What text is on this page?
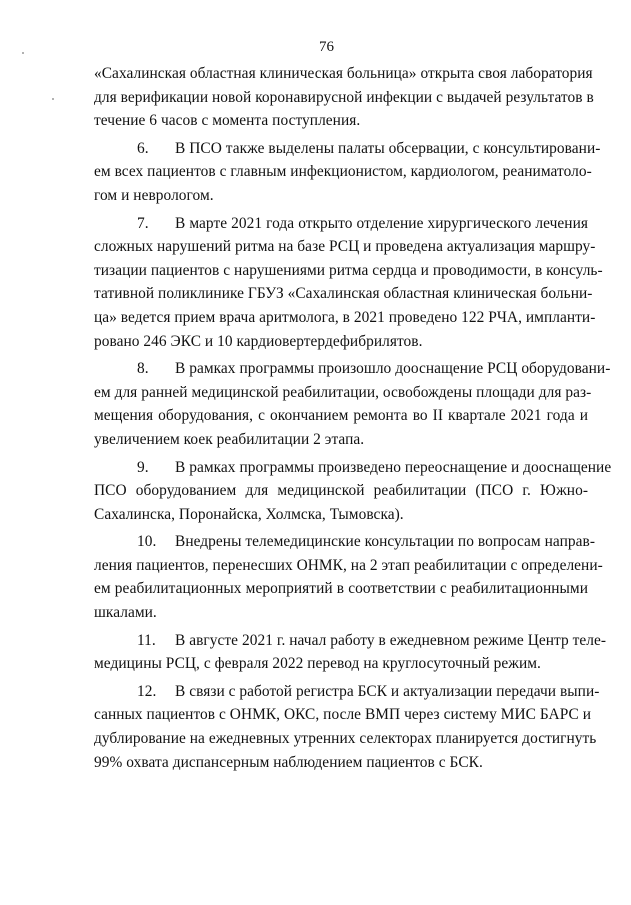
76
«Сахалинская областная клиническая больница» открыта своя лаборатория
для верификации новой коронавирусной инфекции с выдачей результатов в
течение 6 часов с момента поступления.
6. В ПСО также выделены палаты обсервации, с консультировани-
ем всех пациентов с главным инфекционистом, кардиологом, реаниматоло-
гом и неврологом.
7. В марте 2021 года открыто отделение хирургического лечения
сложных нарушений ритма на базе РСЦ и проведена актуализация маршру-
тизации пациентов с нарушениями ритма сердца и проводимости, в консуль-
тативной поликлинике ГБУЗ «Сахалинская областная клиническая больни-
ца» ведется прием врача аритмолога, в 2021 проведено 122 РЧА, импланти-
ровано 246 ЭКС и 10 кардиовертердефибрилятов.
8. В рамках программы произошло дооснащение РСЦ оборудовани-
ем для ранней медицинской реабилитации, освобождены площади для раз-
мещения оборудования, с окончанием ремонта во II квартале 2021 года и
увеличением коек реабилитации 2 этапа.
9. В рамках программы произведено переоснащение и дооснащение
ПСО оборудованием для медицинской реабилитации (ПСО г. Южно-
Сахалинска, Поронайска, Холмска, Тымовска).
10. Внедрены телемедицинские консультации по вопросам направ-
ления пациентов, перенесших ОНМК, на 2 этап реабилитации с определени-
ем реабилитационных мероприятий в соответствии с реабилитационными
шкалами.
11. В августе 2021 г. начал работу в ежедневном режиме Центр теле-
медицины РСЦ, с февраля 2022 перевод на круглосуточный режим.
12. В связи с работой регистра БСК и актуализации передачи выпи-
санных пациентов с ОНМК, ОКС, после ВМП через систему МИС БАРС и
дублирование на ежедневных утренних селекторах планируется достигнуть
99% охвата диспансерным наблюдением пациентов с БСК.
